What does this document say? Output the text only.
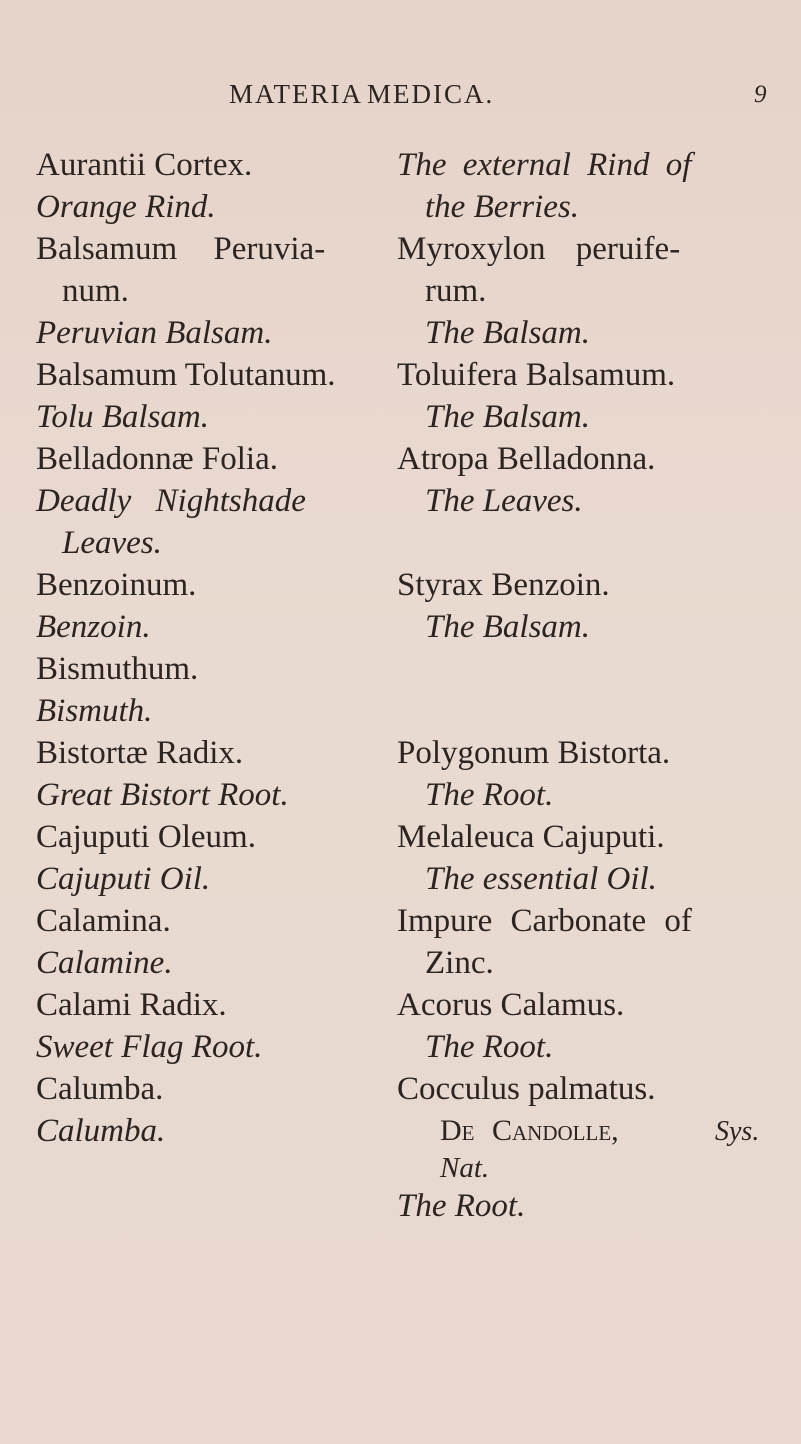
MATERIA MEDICA.	9
Aurantii Cortex.
Orange Rind.
Balsamum Peruvia-
num.
Peruvian Balsam.
Balsamum Tolutanum.
Tolu Balsam.
Belladonnæ Folia.
Deadly Nightshade
Leaves.
Benzoinum.
Benzoin.
Bismuthum.
Bismuth.
Bistortæ Radix.
Great Bistort Root.
Cajuputi Oleum.
Cajuputi Oil.
Calamina.
Calamine.
Calami Radix.
Sweet Flag Root.
Calumba.
Calumba.
The external Rind of
the Berries.
Myroxylon peruife-
rum.
The Balsam.
Toluifera Balsamum.
The Balsam.
Atropa Belladonna.
The Leaves.
Styrax Benzoin.
The Balsam.
Polygonum Bistorta.
The Root.
Melaleuca Cajuputi.
The essential Oil.
Impure Carbonate of
Zinc.
Acorus Calamus.
The Root.
Cocculus palmatus.
De Candolle,	Sys.
Nat.
The Root.
